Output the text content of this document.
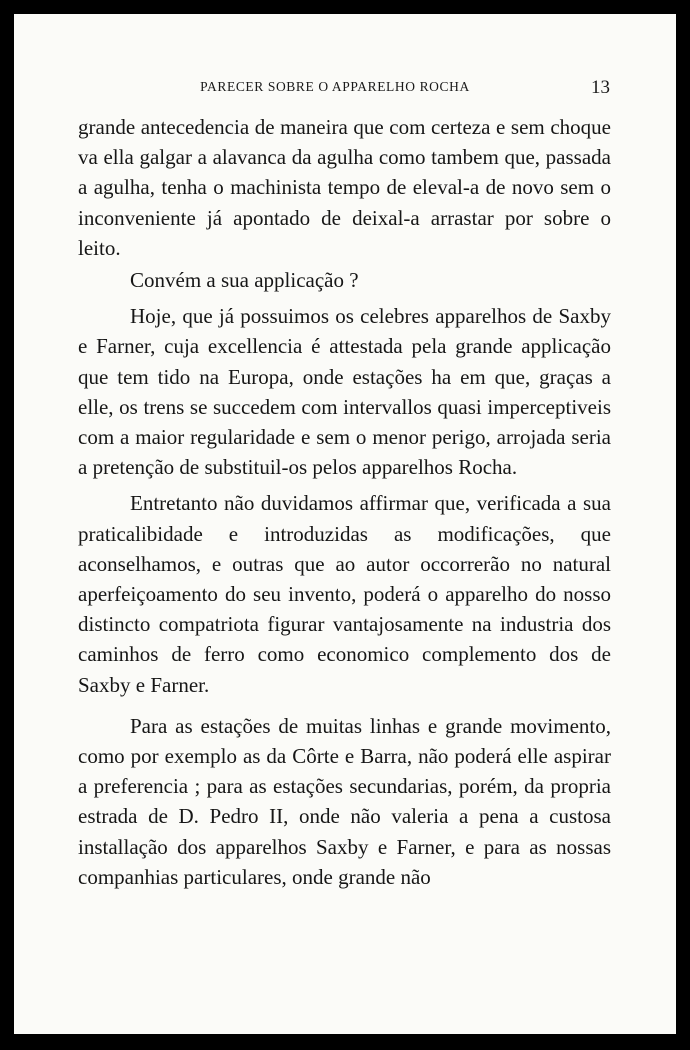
PARECER SOBRE O APPARELHO ROCHA	13

grande antecedencia de maneira que com certeza e sem choque va ella galgar a alavanca da agulha como tambem que, passada a agulha, tenha o machinista tempo de eleval-a de novo sem o inconveniente já apontado de deixal-a arrastar por sobre o leito.

Convém a sua applicação ?

Hoje, que já possuimos os celebres apparelhos de Saxby e Farner, cuja excellencia é attestada pela grande applicação que tem tido na Europa, onde estações ha em que, graças a elle, os trens se succedem com intervallos quasi imperceptiveis com a maior regularidade e sem o menor perigo, arrojada seria a pretenção de substituil-os pelos apparelhos Rocha.

Entretanto não duvidamos affirmar que, verificada a sua praticalibidade e introduzidas as modificações, que aconselhamos, e outras que ao autor occorrerão no natural aperfeiçoamento do seu invento, poderá o apparelho do nosso distincto compatriota figurar vantajosamente na industria dos caminhos de ferro como economico complemento dos de Saxby e Farner.

Para as estações de muitas linhas e grande movimento, como por exemplo as da Côrte e Barra, não poderá elle aspirar a preferencia ; para as estações secundarias, porém, da propria estrada de D. Pedro II, onde não valeria a pena a custosa installação dos apparelhos Saxby e Farner, e para as nossas companhias particulares, onde grande não
